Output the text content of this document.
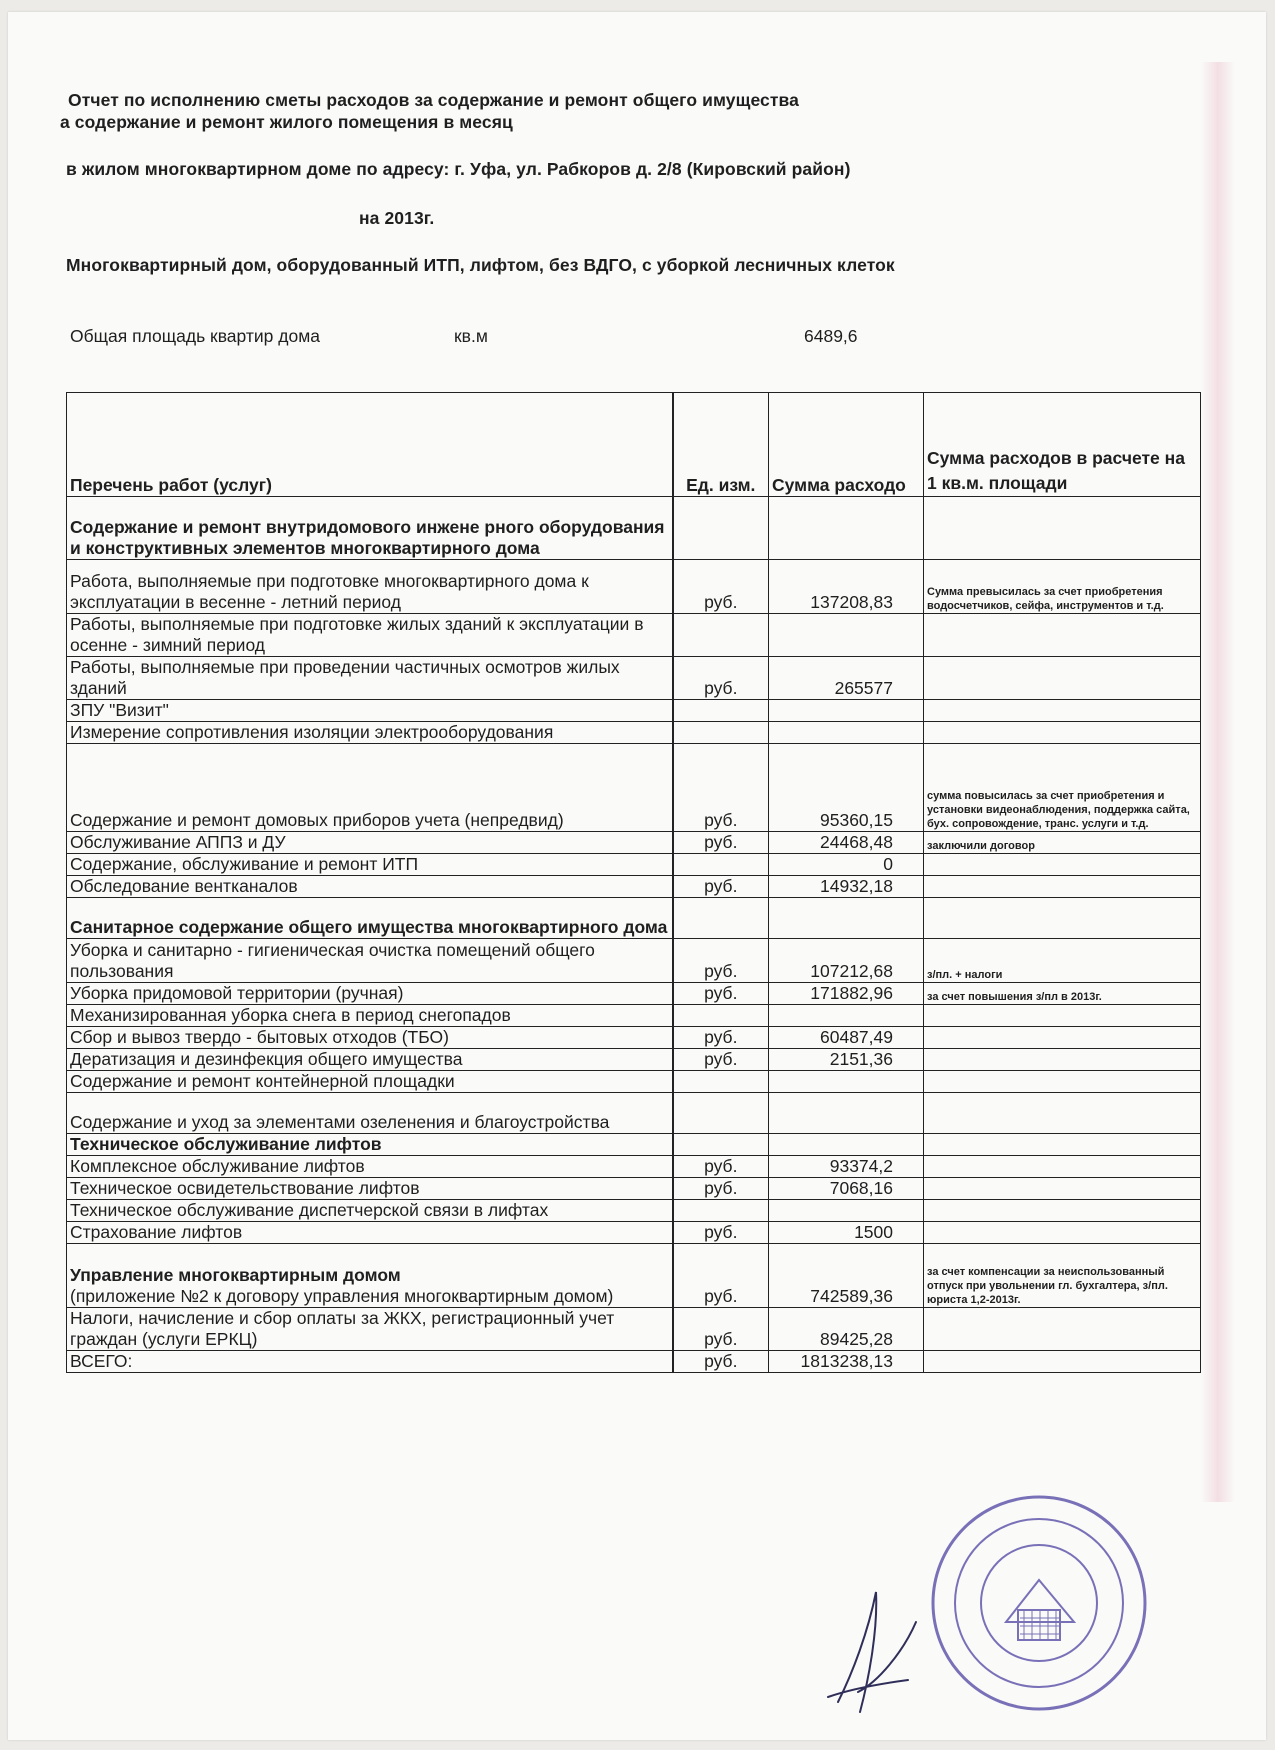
Отчет по исполнению сметы расходов за содержание и ремонт общего имущества
а содержание и ремонт жилого помещения в месяц
в жилом многоквартирном доме по адресу: г. Уфа, ул. Рабкоров д. 2/8 (Кировский район)
на 2013г.
Многоквартирный дом, оборудованный ИТП, лифтом, без ВДГО, с уборкой лесничных клеток
Общая площадь квартир дома	кв.м	6489,6
Перечень работ (услуг)	Ед. изм.	Сумма расходо	Сумма расходов в расчете на 1 кв.м. площади
Содержание и ремонт внутридомового инжене рного оборудования и конструктивных элементов многоквартирного дома			
Работа, выполняемые при подготовке многоквартирного дома к эксплуатации в весенне - летний период	руб.	137208,83	Сумма превысилась за счет приобретения водосчетчиков, сейфа, инструментов и т.д.
Работы, выполняемые при подготовке жилых зданий к эксплуатации в осенне - зимний период			
Работы, выполняемые при проведении частичных осмотров жилых зданий	руб.	265577	
ЗПУ "Визит"			
Измерение сопротивления изоляции электрооборудования			
Содержание и ремонт домовых приборов учета (непредвид)	руб.	95360,15	сумма повысилась за счет приобретения и установки видеонаблюдения, поддержка сайта, бух. сопровождение, транс. услуги и т.д.
Обслуживание АППЗ и ДУ	руб.	24468,48	заключили договор
Содержание, обслуживание и ремонт ИТП		0	
Обследование вентканалов	руб.	14932,18	
Санитарное содержание общего имущества многоквартирного дома			
Уборка и санитарно - гигиеническая очистка помещений общего пользования	руб.	107212,68	з/пл. + налоги
Уборка придомовой территории (ручная)	руб.	171882,96	за счет повышения з/пл в 2013г.
Механизированная уборка снега в период снегопадов			
Сбор и вывоз твердо - бытовых отходов (ТБО)	руб.	60487,49	
Дератизация и дезинфекция общего имущества	руб.	2151,36	
Содержание и ремонт контейнерной площадки			
Содержание и уход за элементами озеленения и благоустройства			
Техническое обслуживание лифтов			
Комплексное обслуживание лифтов	руб.	93374,2	
Техническое освидетельствование лифтов	руб.	7068,16	
Техническое обслуживание диспетчерской связи в лифтах			
Страхование лифтов	руб.	1500	

Управление многоквартирным домом
(приложение №2 к договору управления многоквартирным домом)	руб.	742589,36	за счет компенсации за неиспользованный отпуск при увольнении гл. бухгалтера, з/пл. юриста 1,2-2013г.
Налоги, начисление и сбор оплаты за ЖКХ, регистрационный учет граждан (услуги ЕРКЦ)	руб.	89425,28	
ВСЕГО:	руб.	1813238,13	
